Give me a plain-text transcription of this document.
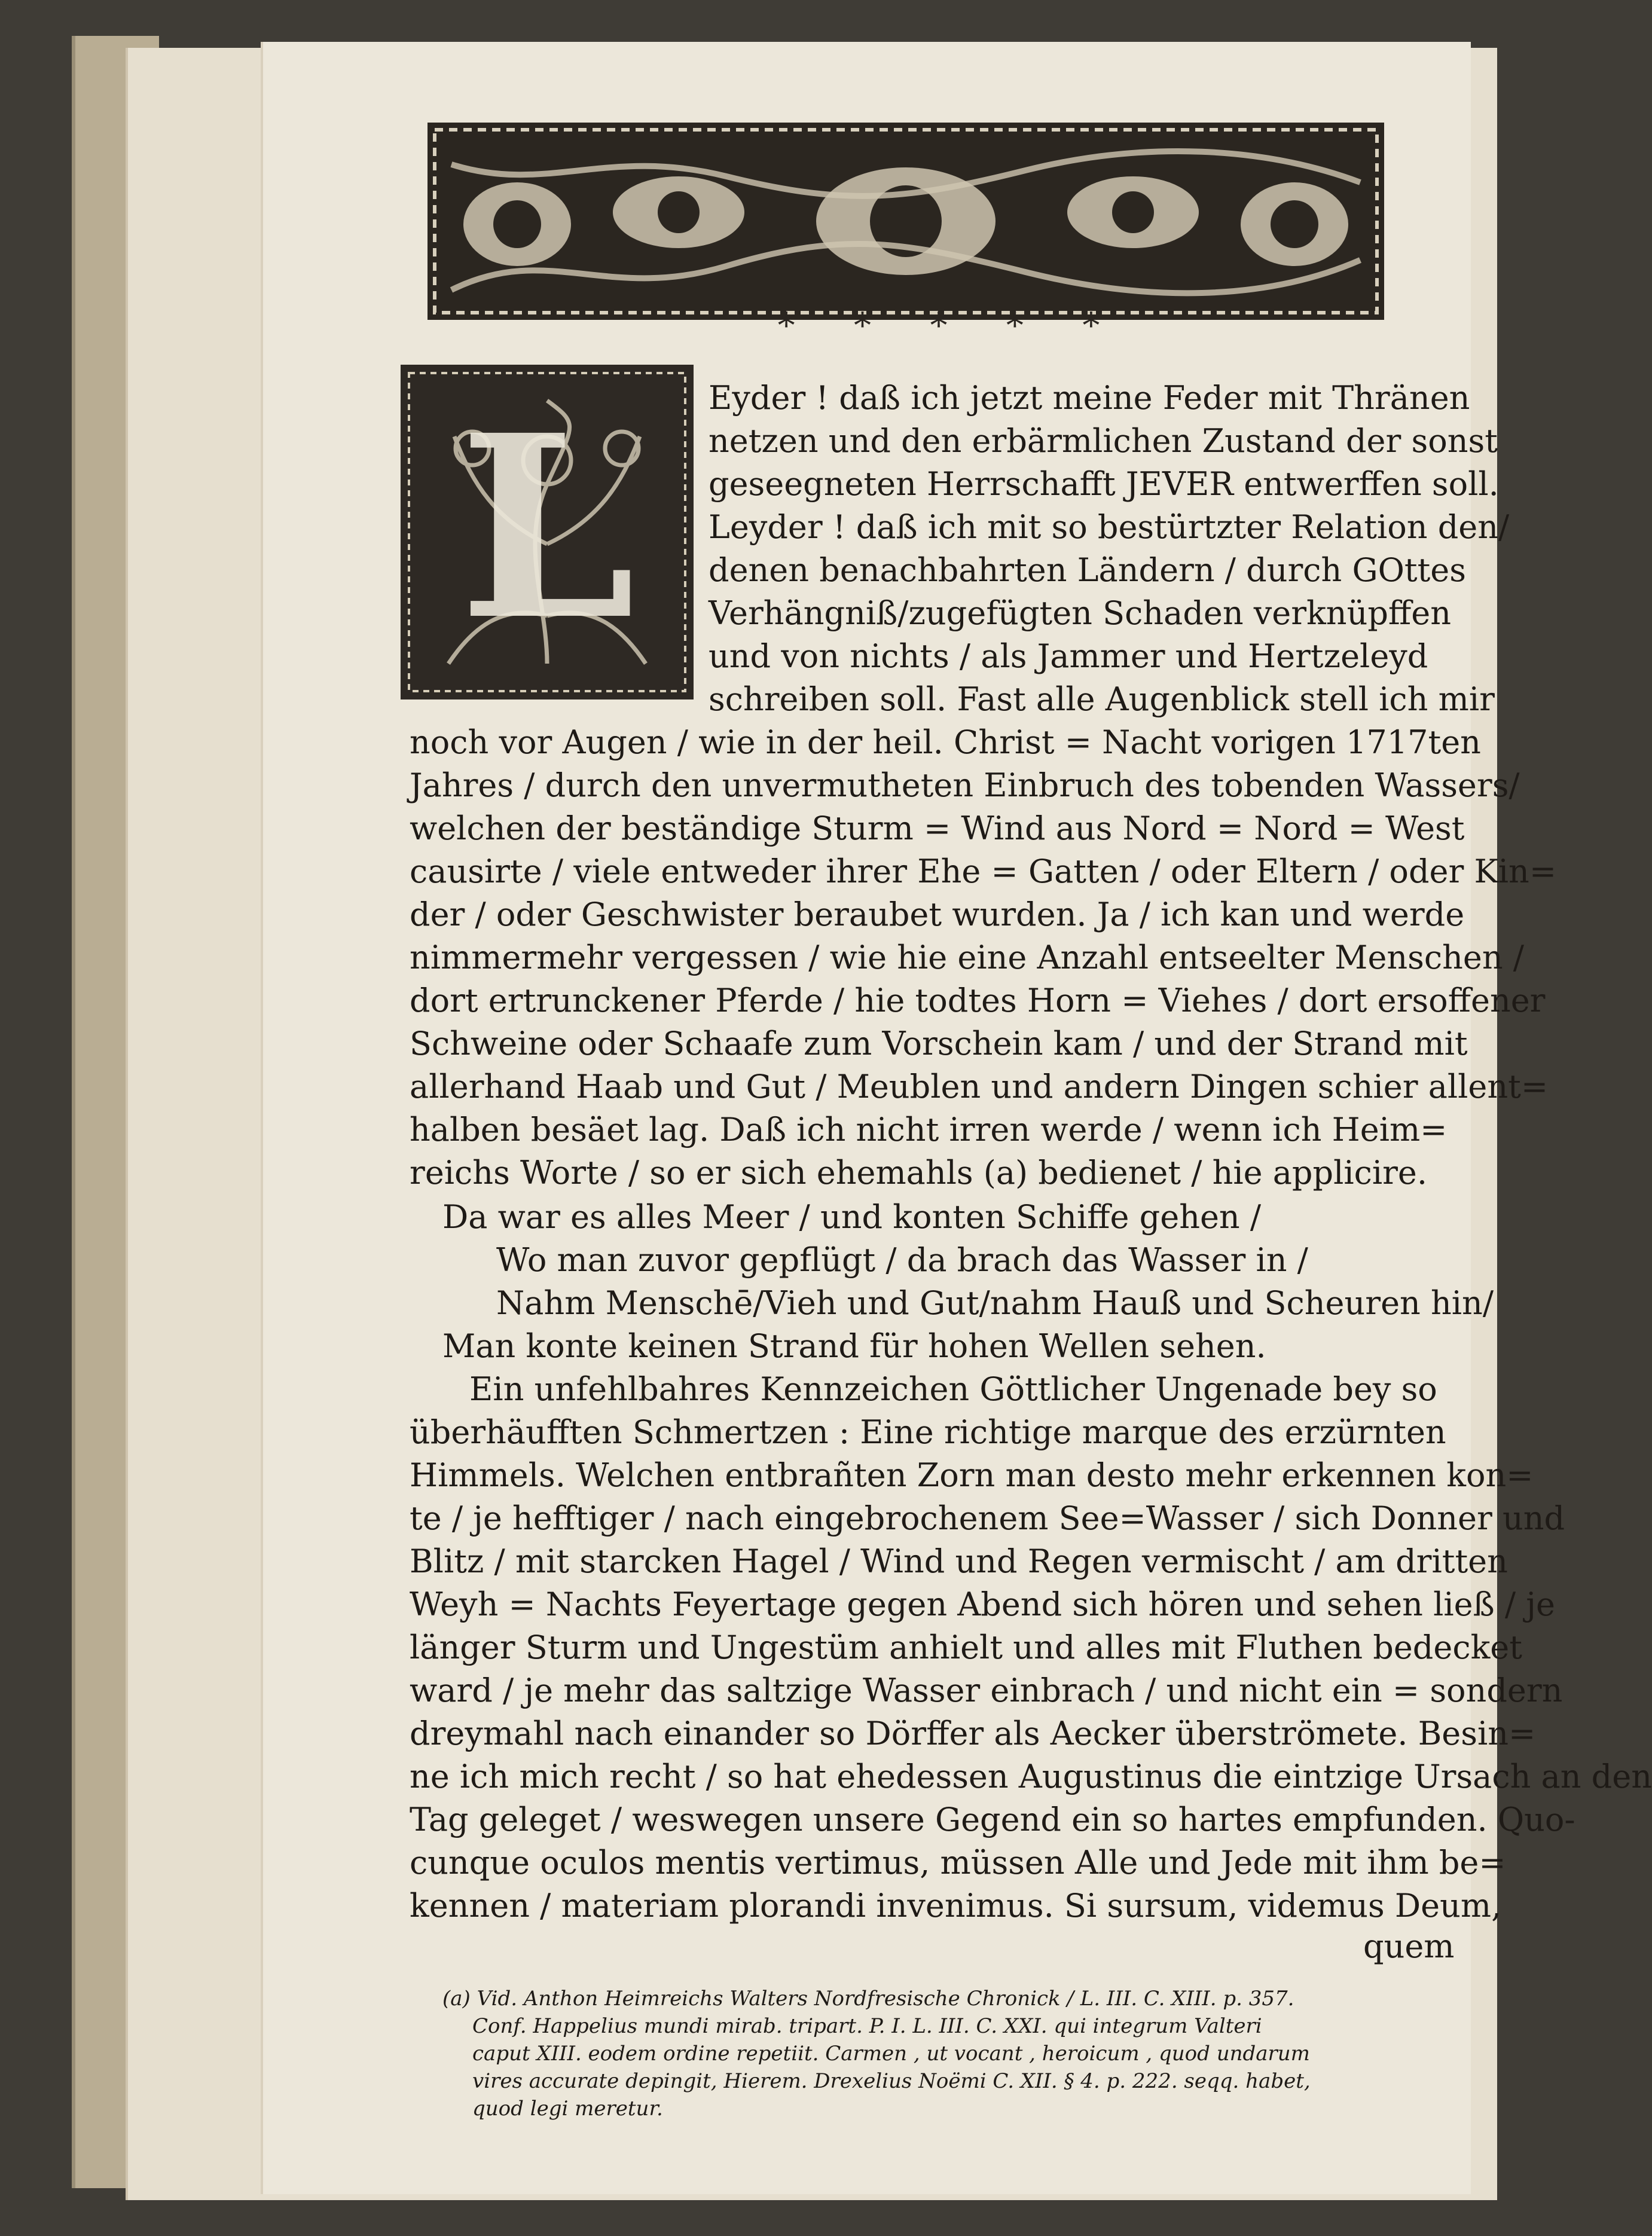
* * * * *
L Eyder ! daß ich jetzt meine Feder mit Thränen
netzen und den erbärmlichen Zustand der sonst
geseegneten Herrschafft JEVER entwerffen soll.
Leyder ! daß ich mit so bestürtzter Relation den/
denen benachbahrten Ländern / durch GOttes
Verhängniß/zugefügten Schaden verknüpffen
und von nichts / als Jammer und Hertzeleyd
schreiben soll. Fast alle Augenblick stell ich mir
noch vor Augen / wie in der heil. Christ = Nacht vorigen 1717ten
Jahres / durch den unvermutheten Einbruch des tobenden Wassers/
welchen der beständige Sturm = Wind aus Nord = Nord = West
causirte / viele entweder ihrer Ehe = Gatten / oder Eltern / oder Kin=
der / oder Geschwister beraubet wurden. Ja / ich kan und werde
nimmermehr vergessen / wie hie eine Anzahl entseelter Menschen /
dort ertrunckener Pferde / hie todtes Horn = Viehes / dort ersoffener
Schweine oder Schaafe zum Vorschein kam / und der Strand mit
allerhand Haab und Gut / Meublen und andern Dingen schier allent=
halben besäet lag. Daß ich nicht irren werde / wenn ich Heim=
reichs Worte / so er sich ehemahls (a) bedienet / hie applicire.
Da war es alles Meer / und konten Schiffe gehen /
Wo man zuvor gepflügt / da brach das Wasser in /
Nahm Menschē/Vieh und Gut/nahm Hauß und Scheuren hin/
Man konte keinen Strand für hohen Wellen sehen.
Ein unfehlbahres Kennzeichen Göttlicher Ungenade bey so
überhäufften Schmertzen : Eine richtige marque des erzürnten
Himmels. Welchen entbrañten Zorn man desto mehr erkennen kon=
te / je hefftiger / nach eingebrochenem See=Wasser / sich Donner und
Blitz / mit starcken Hagel / Wind und Regen vermischt / am dritten
Weyh = Nachts Feyertage gegen Abend sich hören und sehen ließ / je
länger Sturm und Ungestüm anhielt und alles mit Fluthen bedecket
ward / je mehr das saltzige Wasser einbrach / und nicht ein = sondern
dreymahl nach einander so Dörffer als Aecker überströmete. Besin=
ne ich mich recht / so hat ehedessen Augustinus die eintzige Ursach an den
Tag geleget / weswegen unsere Gegend ein so hartes empfunden. Quo-
cunque oculos mentis vertimus, müssen Alle und Jede mit ihm be=
kennen / materiam plorandi invenimus. Si sursum, videmus Deum,
quem
(a) Vid. Anthon Heimreichs Walters Nordfresische Chronick / L. III. C. XIII. p. 357.
Conf. Happelius mundi mirab. tripart. P. I. L. III. C. XXI. qui integrum Valteri
caput XIII. eodem ordine repetiit. Carmen , ut vocant , heroicum , quod undarum
vires accurate depingit, Hierem. Drexelius Noëmi C. XII. § 4. p. 222. seqq. habet,
quod legi meretur.
